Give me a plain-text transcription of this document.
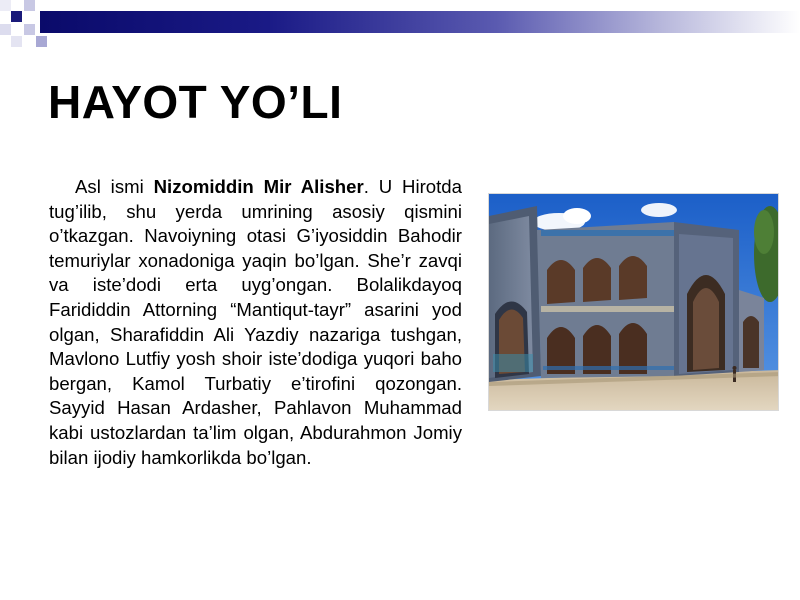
HAYOT YO’LI

Asl ismi Nizomiddin Mir Alisher. U Hirotda tug’ilib, shu yerda umrining asosiy qismini o’tkazgan. Navoiyning otasi G’iyosiddin Bahodir temuriylar xonadoniga yaqin bo’lgan. She’r zavqi va iste’dodi erta uyg’ongan. Bolalikdayoq Farididdin Attorning “Mantiqut-tayr” asarini yod olgan, Sharafiddin Ali Yazdiy nazariga tushgan, Mavlono Lutfiy yosh shoir iste’dodiga yuqori baho bergan, Kamol Turbatiy e’tirofini qozongan. Sayyid Hasan Ardasher, Pahlavon Muhammad kabi ustozlardan ta’lim olgan, Abdurahmon Jomiy bilan ijodiy hamkorlikda bo’lgan.
